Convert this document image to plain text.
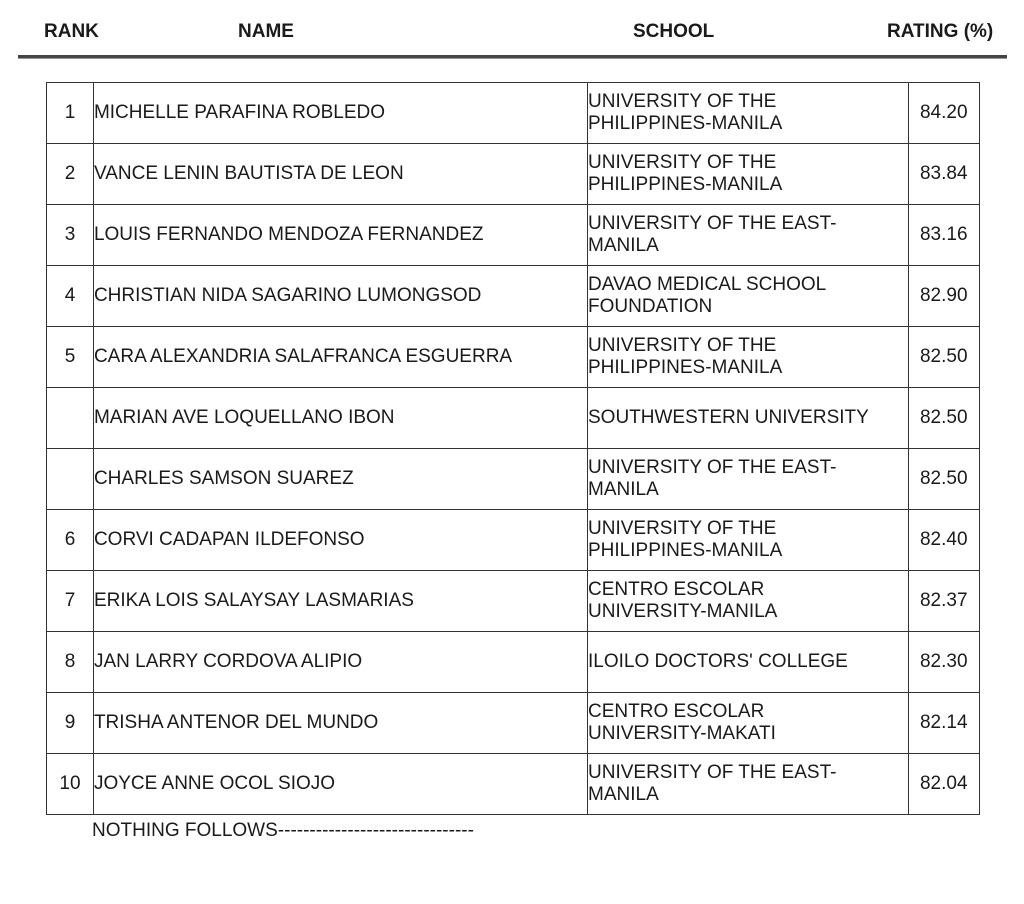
RANK	NAME	SCHOOL	RATING (%)
1	MICHELLE PARAFINA ROBLEDO	UNIVERSITY OF THE
PHILIPPINES-MANILA	84.20
2	VANCE LENIN BAUTISTA DE LEON	UNIVERSITY OF THE
PHILIPPINES-MANILA	83.84
3	LOUIS FERNANDO MENDOZA FERNANDEZ	UNIVERSITY OF THE EAST-
MANILA	83.16
4	CHRISTIAN NIDA SAGARINO LUMONGSOD	DAVAO MEDICAL SCHOOL
FOUNDATION	82.90
5	CARA ALEXANDRIA SALAFRANCA ESGUERRA	UNIVERSITY OF THE
PHILIPPINES-MANILA	82.50
	MARIAN AVE LOQUELLANO IBON	SOUTHWESTERN UNIVERSITY	82.50
	CHARLES SAMSON SUAREZ	UNIVERSITY OF THE EAST-
MANILA	82.50
6	CORVI CADAPAN ILDEFONSO	UNIVERSITY OF THE
PHILIPPINES-MANILA	82.40
7	ERIKA LOIS SALAYSAY LASMARIAS	CENTRO ESCOLAR
UNIVERSITY-MANILA	82.37
8	JAN LARRY CORDOVA ALIPIO	ILOILO DOCTORS' COLLEGE	82.30
9	TRISHA ANTENOR DEL MUNDO	CENTRO ESCOLAR
UNIVERSITY-MAKATI	82.14
10	JOYCE ANNE OCOL SIOJO	UNIVERSITY OF THE EAST-
MANILA	82.04
NOTHING FOLLOWS-------------------------------
